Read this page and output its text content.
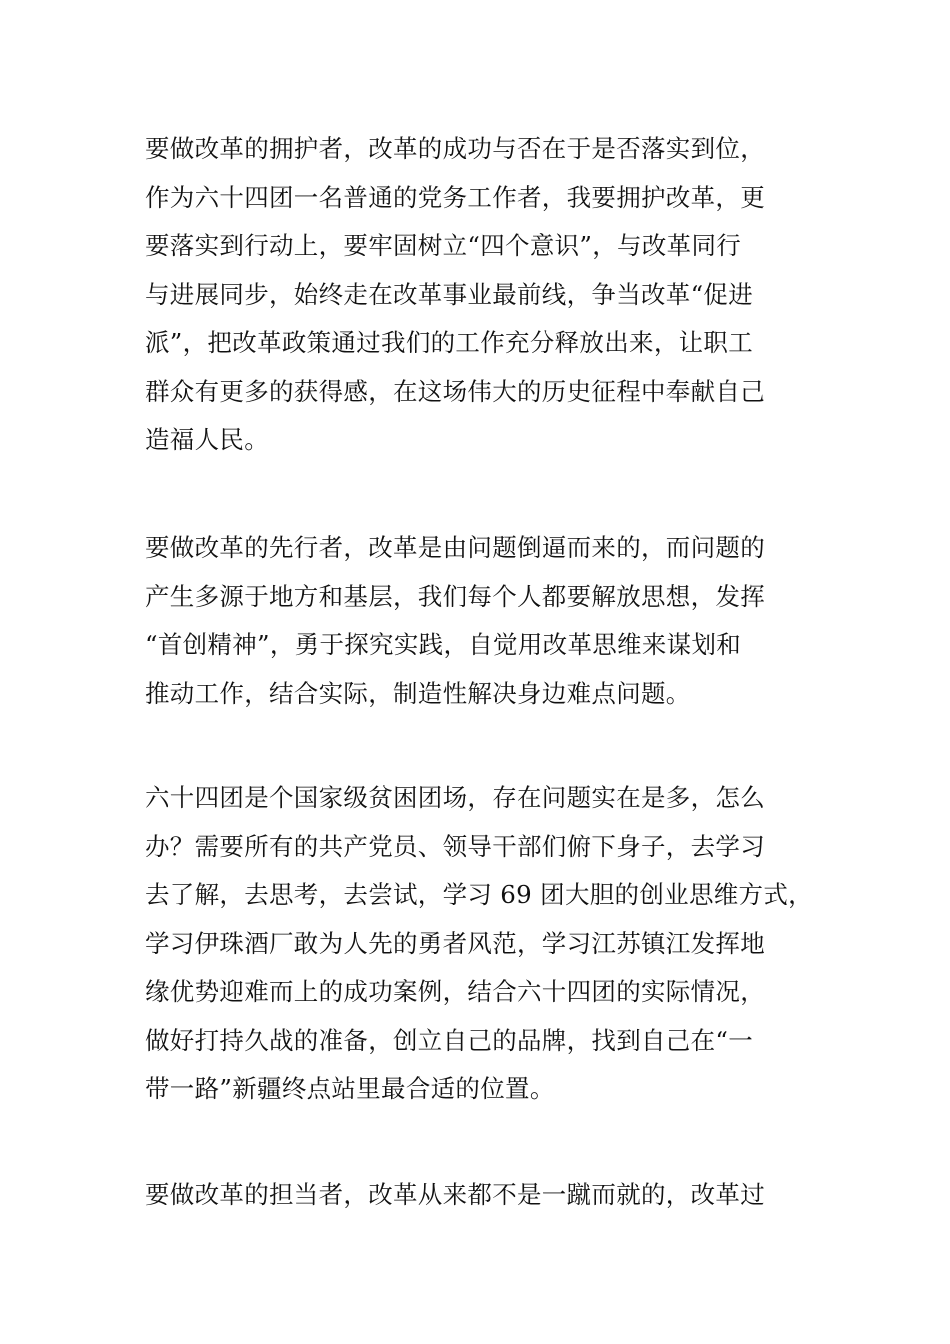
要做改革的拥护者，改革的成功与否在于是否落实到位，
作为六十四团一名普通的党务工作者，我要拥护改革，更
要落实到行动上，要牢固树立“四个意识”，与改革同行
与进展同步，始终走在改革事业最前线，争当改革“促进
派”，把改革政策通过我们的工作充分释放出来，让职工
群众有更多的获得感，在这场伟大的历史征程中奉献自己
造福人民。
要做改革的先行者，改革是由问题倒逼而来的，而问题的
产生多源于地方和基层，我们每个人都要解放思想，发挥
“首创精神”，勇于探究实践，自觉用改革思维来谋划和
推动工作，结合实际，制造性解决身边难点问题。
六十四团是个国家级贫困团场，存在问题实在是多，怎么
办？需要所有的共产党员、领导干部们俯下身子，去学习
去了解，去思考，去尝试，学习 69 团大胆的创业思维方式，
学习伊珠酒厂敢为人先的勇者风范，学习江苏镇江发挥地
缘优势迎难而上的成功案例，结合六十四团的实际情况，
做好打持久战的准备，创立自己的品牌，找到自己在“一
带一路”新疆终点站里最合适的位置。
要做改革的担当者，改革从来都不是一蹴而就的，改革过
